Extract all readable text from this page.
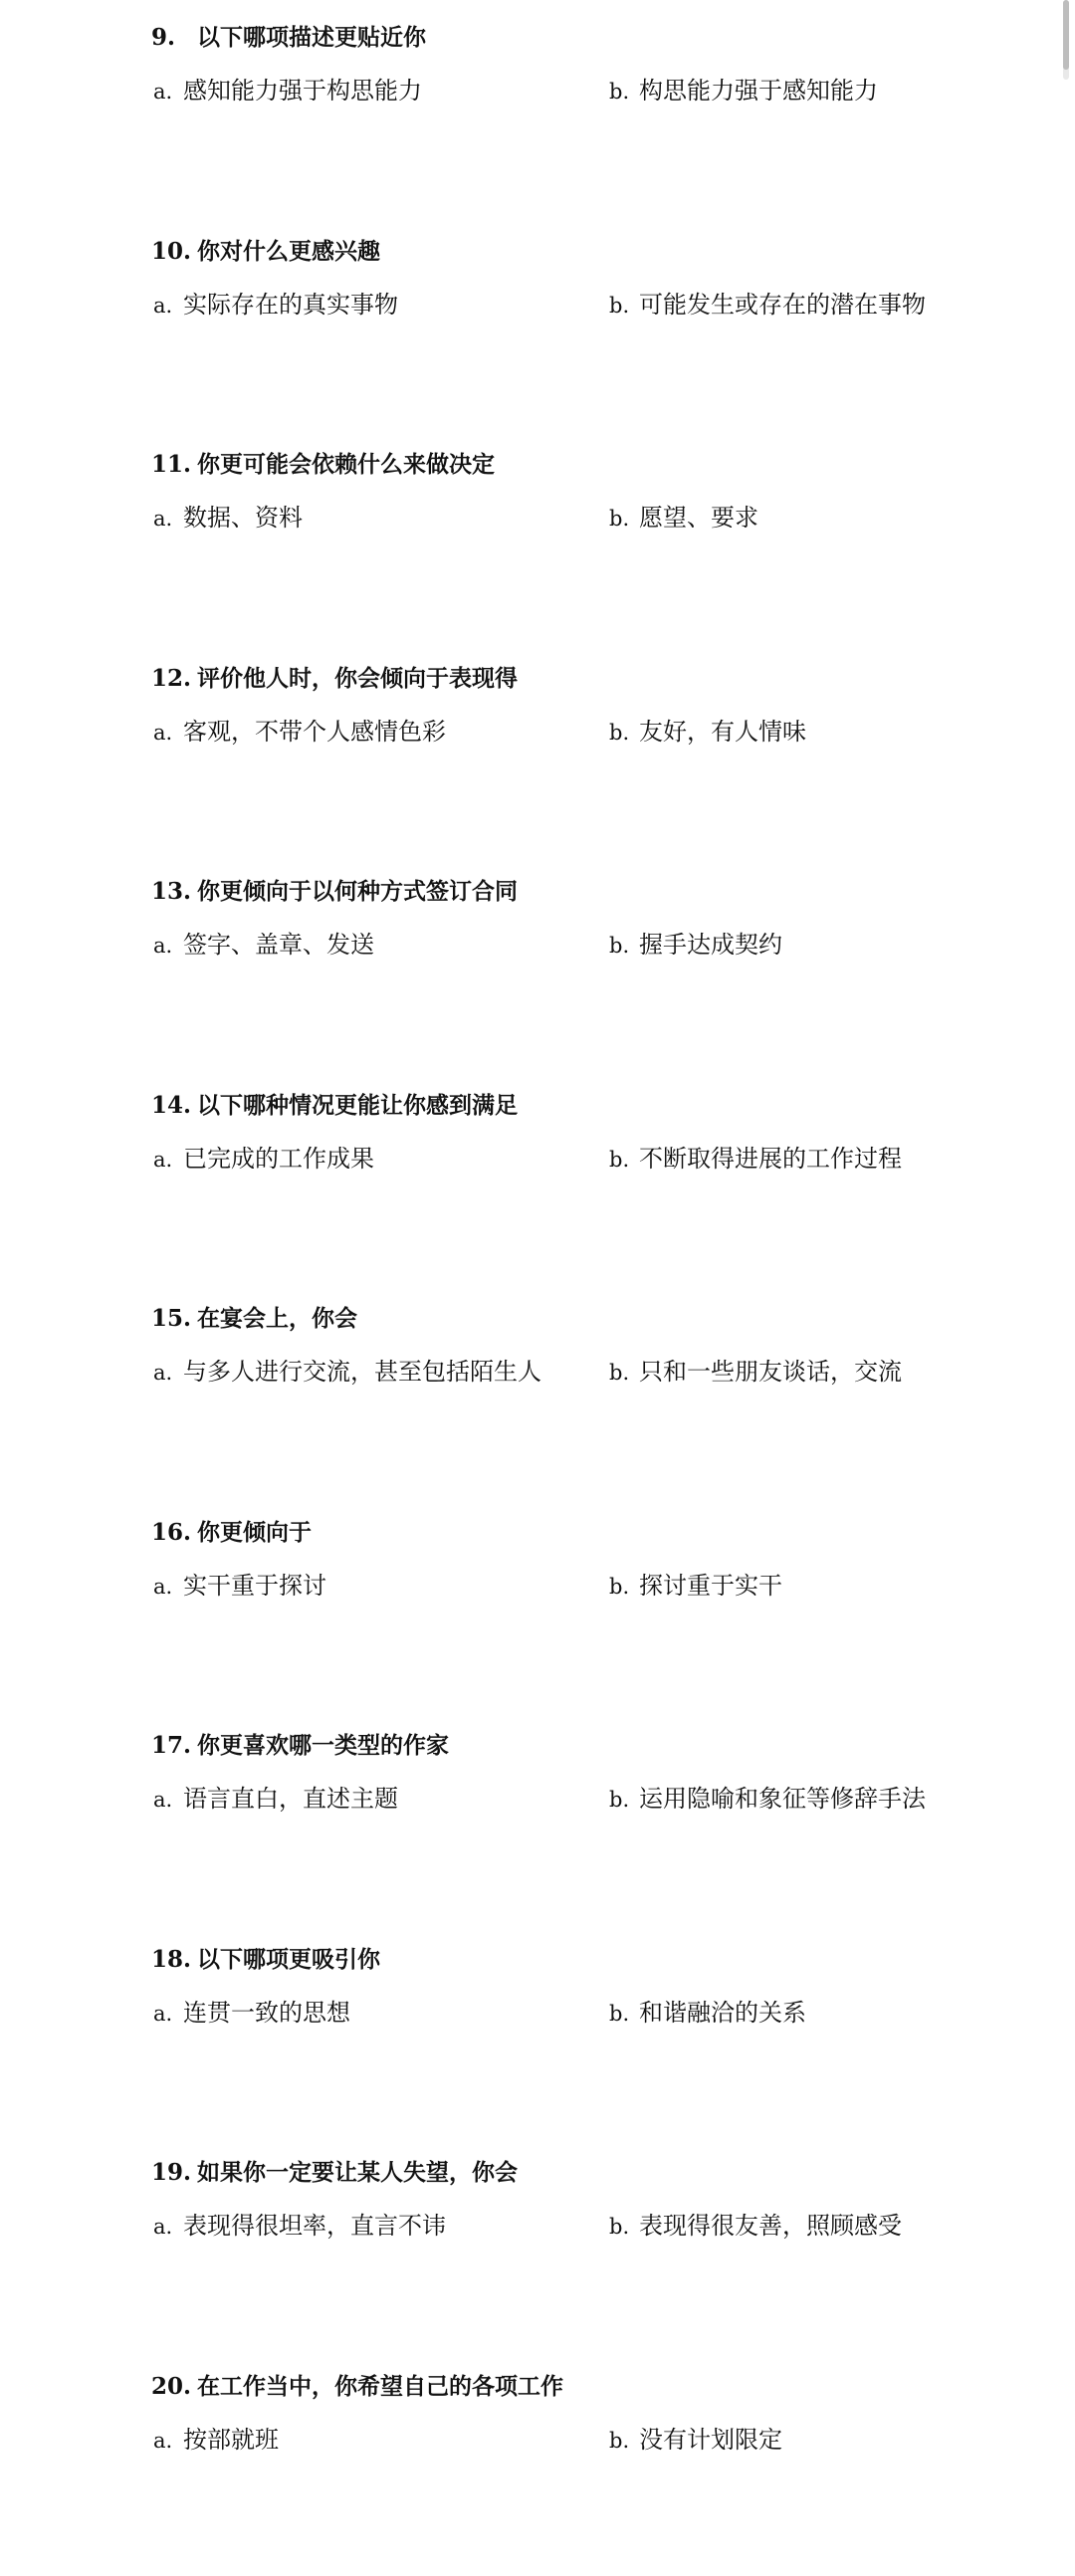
9. 以下哪项描述更贴近你
a. 感知能力强于构思能力	b. 构思能力强于感知能力
10. 你对什么更感兴趣
a. 实际存在的真实事物	b. 可能发生或存在的潜在事物
11. 你更可能会依赖什么来做决定
a. 数据、资料	b. 愿望、要求
12. 评价他人时，你会倾向于表现得
a. 客观，不带个人感情色彩	b. 友好，有人情味
13. 你更倾向于以何种方式签订合同
a. 签字、盖章、发送	b. 握手达成契约
14. 以下哪种情况更能让你感到满足
a. 已完成的工作成果	b. 不断取得进展的工作过程
15. 在宴会上，你会
a. 与多人进行交流，甚至包括陌生人	b. 只和一些朋友谈话，交流
16. 你更倾向于
a. 实干重于探讨	b. 探讨重于实干
17. 你更喜欢哪一类型的作家
a. 语言直白，直述主题	b. 运用隐喻和象征等修辞手法
18. 以下哪项更吸引你
a. 连贯一致的思想	b. 和谐融洽的关系
19. 如果你一定要让某人失望，你会
a. 表现得很坦率，直言不讳	b. 表现得很友善，照顾感受
20. 在工作当中，你希望自己的各项工作
a. 按部就班	b. 没有计划限定
